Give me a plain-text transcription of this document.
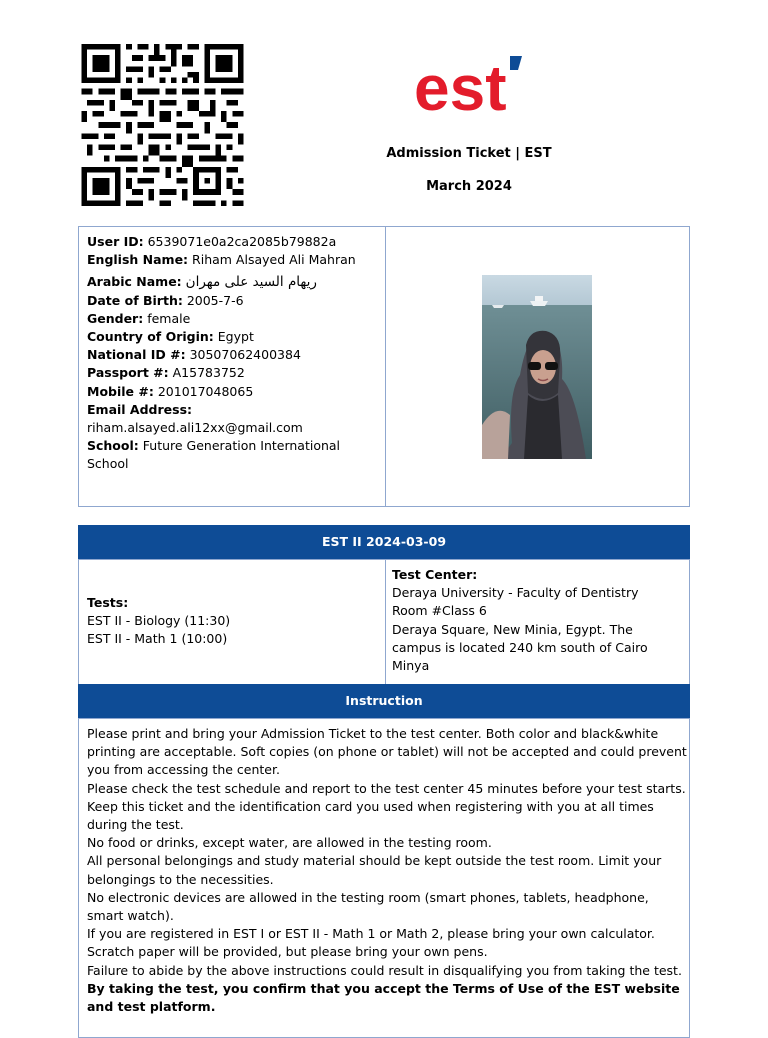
est
Admission Ticket | EST
March 2024
User ID: 6539071e0a2ca2085b79882a
English Name: Riham Alsayed Ali Mahran
Arabic Name: ريهام السيد على مهران
Date of Birth: 2005-7-6
Gender: female
Country of Origin: Egypt
National ID #: 30507062400384
Passport #: A15783752
Mobile #: 201017048065
Email Address:
riham.alsayed.ali12xx@gmail.com
School: Future Generation International School
EST II 2024-03-09
Tests:
EST II - Biology (11:30)
EST II - Math 1 (10:00)
Test Center:
Deraya University - Faculty of Dentistry
Room #Class 6
Deraya Square, New Minia, Egypt. The campus is located 240 km south of Cairo
Minya
Instruction
Please print and bring your Admission Ticket to the test center. Both color and black&white printing are acceptable. Soft copies (on phone or tablet) will not be accepted and could prevent you from accessing the center.
Please check the test schedule and report to the test center 45 minutes before your test starts.
Keep this ticket and the identification card you used when registering with you at all times during the test.
No food or drinks, except water, are allowed in the testing room.
All personal belongings and study material should be kept outside the test room. Limit your belongings to the necessities.
No electronic devices are allowed in the testing room (smart phones, tablets, headphone, smart watch).
If you are registered in EST I or EST II - Math 1 or Math 2, please bring your own calculator.
Scratch paper will be provided, but please bring your own pens.
Failure to abide by the above instructions could result in disqualifying you from taking the test.
By taking the test, you confirm that you accept the Terms of Use of the EST website and test platform.
